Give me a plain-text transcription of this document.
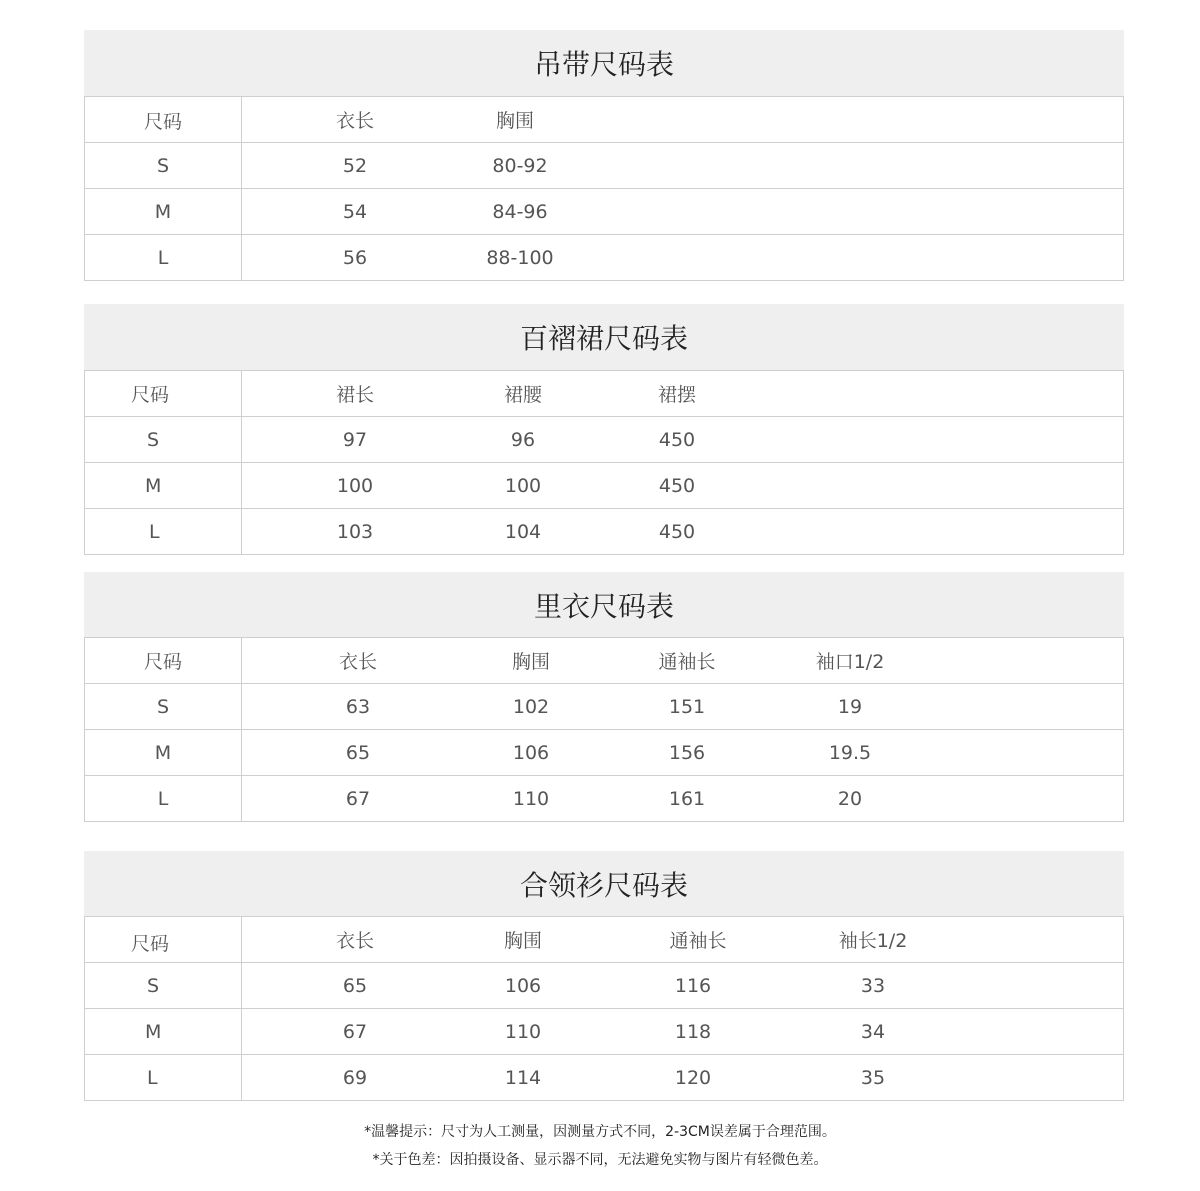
吊带尺码表
尺码	衣长	胸围
S	52	80-92
M	54	84-96
L	56	88-100
百褶裙尺码表
尺码	裙长	裙腰	裙摆
S	97	96	450
M	100	100	450
L	103	104	450
里衣尺码表
尺码	衣长	胸围	通袖长	袖口1/2
S	63	102	151	19
M	65	106	156	19.5
L	67	110	161	20
合领衫尺码表
尺码	衣长	胸围	通袖长	袖长1/2
S	65	106	116	33
M	67	110	118	34
L	69	114	120	35
*温馨提示：尺寸为人工测量，因测量方式不同，2-3CM误差属于合理范围。
*关于色差：因拍摄设备、显示器不同，无法避免实物与图片有轻微色差。
